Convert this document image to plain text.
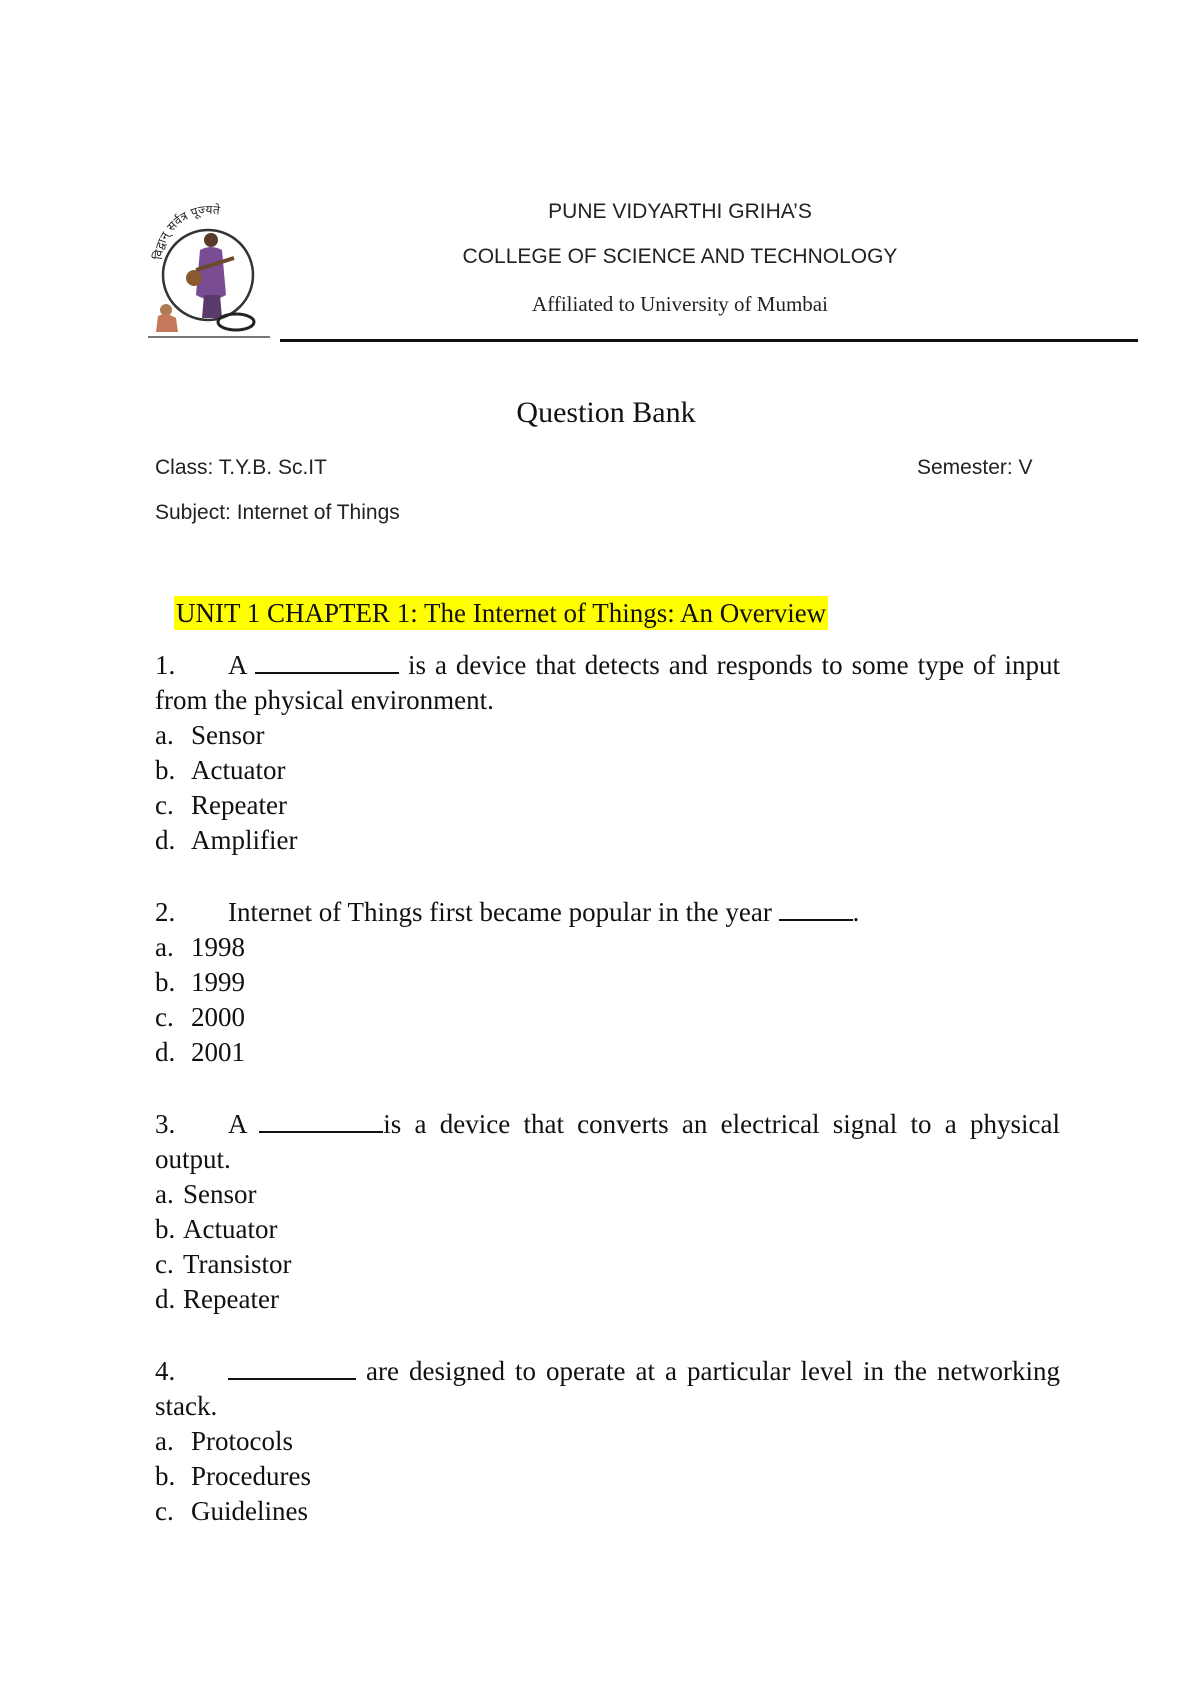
विद्वान् सर्वत्र पूज्यते	PUNE VIDYARTHI GRIHA’S
COLLEGE OF SCIENCE AND TECHNOLOGY
Affiliated to University of Mumbai
Question Bank
Class: T.Y.B. Sc.IT	Semester: V
Subject: Internet of Things
UNIT 1 CHAPTER 1: The Internet of Things: An Overview
1. A	is a device that detects and responds to some type of input from the physical environment.
a. Sensor
b. Actuator
c. Repeater
d. Amplifier
2. Internet of Things first became popular in the year	.
a. 1998
b. 1999
c. 2000
d. 2001
3. A	is a device that converts an electrical signal to a physical output.
a. Sensor
b. Actuator
c. Transistor
d. Repeater
4.	are designed to operate at a particular level in the networking stack.
a. Protocols
b. Procedures
c. Guidelines
